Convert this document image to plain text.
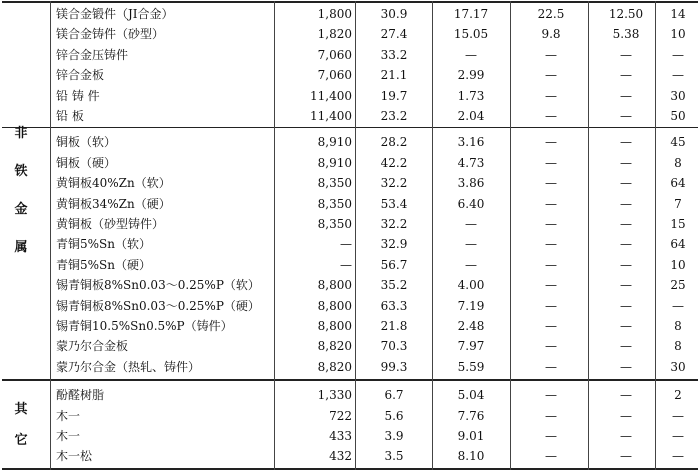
镁合金锻件（JI合金）	1,800	30.9	17.17	22.5	12.50	14
镁合金铸件（砂型）	1,820	27.4	15.05	9.8	5.38	10
锌合金压铸件	7,060	33.2	—	—	—	—
锌合金板	7,060	21.1	2.99	—	—	—
铅 铸 件	11,400	19.7	1.73	—	—	30
铅 板	11,400	23.2	2.04	—	—	50
铜板（软）	8,910	28.2	3.16	—	—	45
铜板（硬）	8,910	42.2	4.73	—	—	8
黄铜板40%Zn（软）	8,350	32.2	3.86	—	—	64
黄铜板34%Zn（硬）	8,350	53.4	6.40	—	—	7
黄铜板（砂型铸件）	8,350	32.2	—	—	—	15
青铜5%Sn（软）	—	32.9	—	—	—	64
青铜5%Sn（硬）	—	56.7	—	—	—	10
锡青铜板8%Sn0.03～0.25%P（软）	8,800	35.2	4.00	—	—	25
锡青铜板8%Sn0.03～0.25%P（硬）	8,800	63.3	7.19	—	—	—
锡青铜10.5%Sn0.5%P（铸件）	8,800	21.8	2.48	—	—	8
蒙乃尔合金板	8,820	70.3	7.97	—	—	8
蒙乃尔合金（热轧、铸件）	8,820	99.3	5.59	—	—	30
非铁金属
酚醛树脂	1,330	6.7	5.04	—	—	2
木一	722	5.6	7.76	—	—	—
木一	433	3.9	9.01	—	—	—
木一松	432	3.5	8.10	—	—	—
其它
